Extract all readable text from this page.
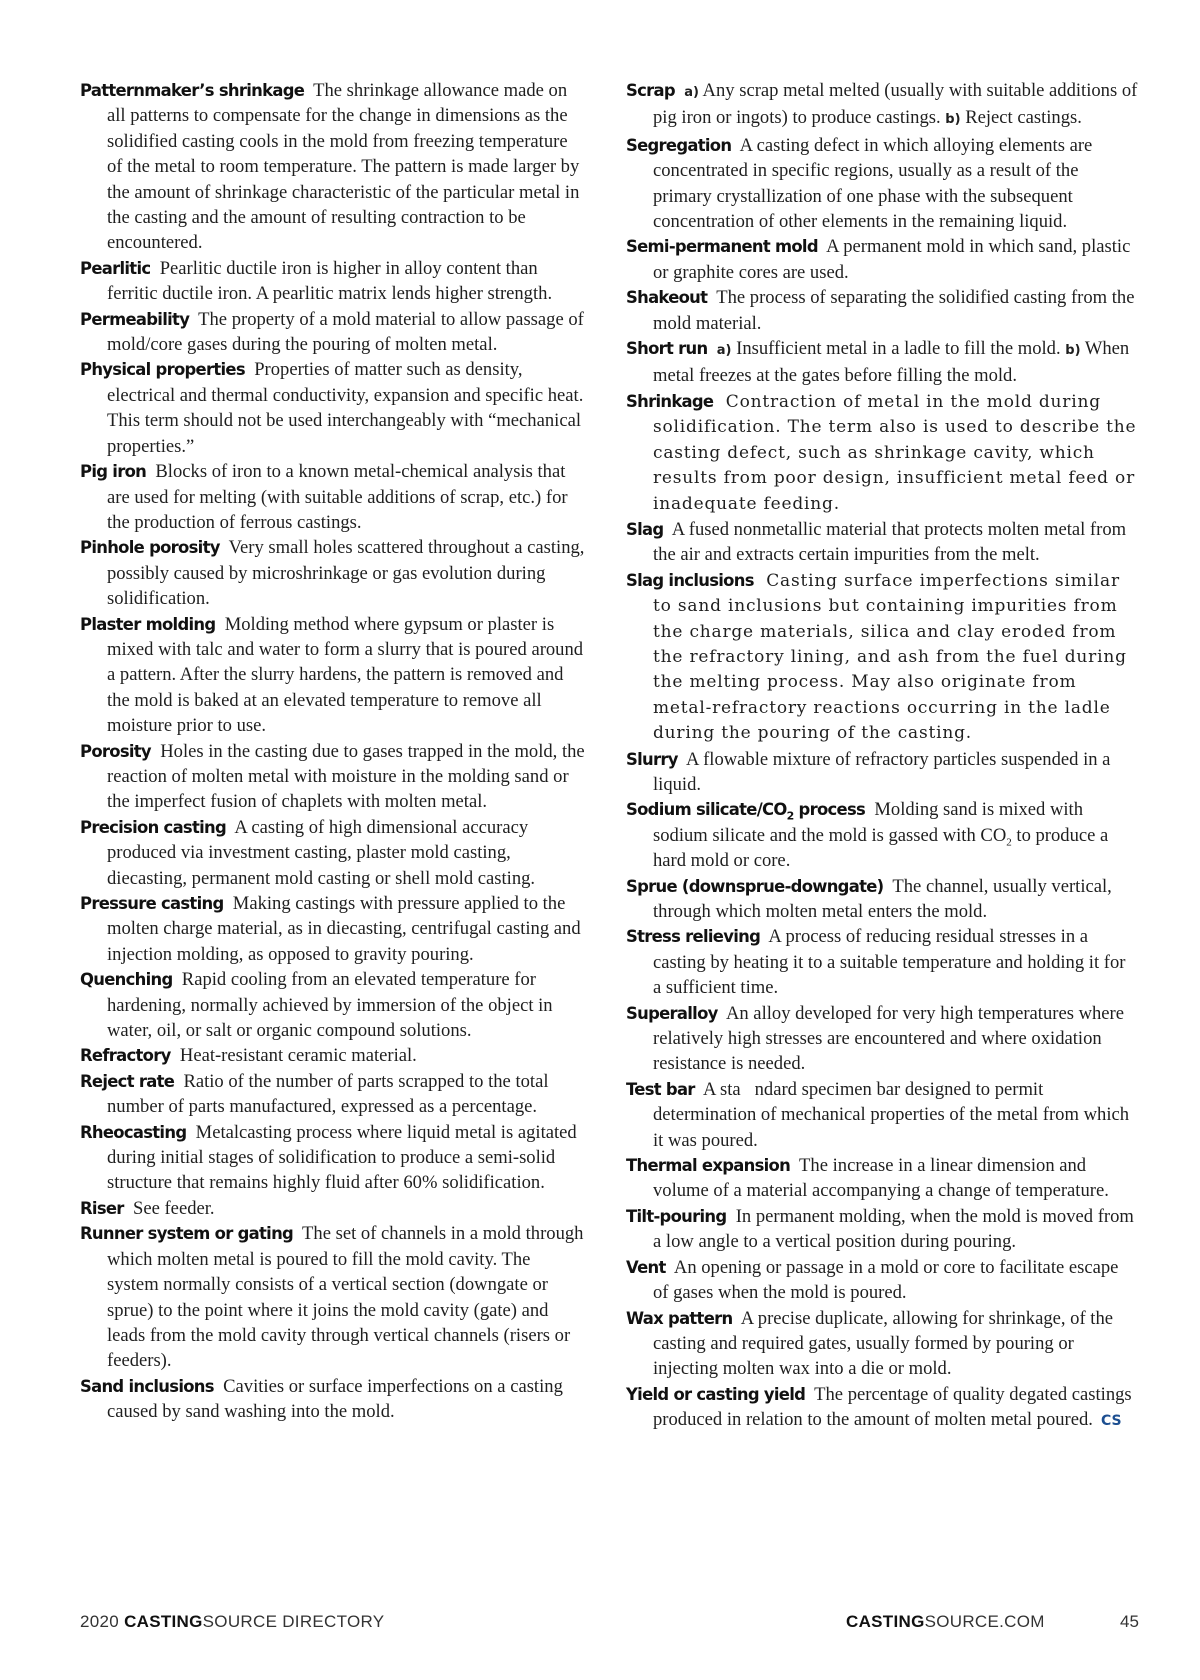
Patternmaker’s shrinkage The shrinkage allowance made on all patterns to compensate for the change in dimensions as the solidified casting cools in the mold from freezing temperature of the metal to room temperature. The pattern is made larger by the amount of shrinkage characteristic of the particular metal in the casting and the amount of resulting contraction to be encountered.

Pearlitic Pearlitic ductile iron is higher in alloy content than ferritic ductile iron. A pearlitic matrix lends higher strength.

Permeability The property of a mold material to allow passage of mold/core gases during the pouring of molten metal.

Physical properties Properties of matter such as density, electrical and thermal conductivity, expansion and specific heat. This term should not be used interchangeably with “mechanical properties.”

Pig iron Blocks of iron to a known metal-chemical analysis that are used for melting (with suitable additions of scrap, etc.) for the production of ferrous castings.

Pinhole porosity Very small holes scattered throughout a casting, possibly caused by microshrinkage or gas evolution during solidification.

Plaster molding Molding method where gypsum or plaster is mixed with talc and water to form a slurry that is poured around a pattern. After the slurry hardens, the pattern is removed and the mold is baked at an elevated temperature to remove all moisture prior to use.

Porosity Holes in the casting due to gases trapped in the mold, the reaction of molten metal with moisture in the molding sand or the imperfect fusion of chaplets with molten metal.

Precision casting A casting of high dimensional accuracy produced via investment casting, plaster mold casting, diecasting, permanent mold casting or shell mold casting.

Pressure casting Making castings with pressure applied to the molten charge material, as in diecasting, centrifugal casting and injection molding, as opposed to gravity pouring.

Quenching Rapid cooling from an elevated temperature for hardening, normally achieved by immersion of the object in water, oil, or salt or organic compound solutions.

Refractory Heat-resistant ceramic material.

Reject rate Ratio of the number of parts scrapped to the total number of parts manufactured, expressed as a percentage.

Rheocasting Metalcasting process where liquid metal is agitated during initial stages of solidification to produce a semi-solid structure that remains highly fluid after 60% solidification.

Riser See feeder.

Runner system or gating The set of channels in a mold through which molten metal is poured to fill the mold cavity. The system normally consists of a vertical section (downgate or sprue) to the point where it joins the mold cavity (gate) and leads from the mold cavity through vertical channels (risers or feeders).

Sand inclusions Cavities or surface imperfections on a casting caused by sand washing into the mold.

Scrap a) Any scrap metal melted (usually with suitable additions of pig iron or ingots) to produce castings. b) Reject castings.

Segregation A casting defect in which alloying elements are concentrated in specific regions, usually as a result of the primary crystallization of one phase with the subsequent concentration of other elements in the remaining liquid.

Semi-permanent mold A permanent mold in which sand, plastic or graphite cores are used.

Shakeout The process of separating the solidified casting from the mold material.

Short run a) Insufficient metal in a ladle to fill the mold. b) When metal freezes at the gates before filling the mold.

Shrinkage Contraction of metal in the mold during solidification. The term also is used to describe the casting defect, such as shrinkage cavity, which results from poor design, insufficient metal feed or inadequate feeding.

Slag A fused nonmetallic material that protects molten metal from the air and extracts certain impurities from the melt.

Slag inclusions Casting surface imperfections similar to sand inclusions but containing impurities from the charge materials, silica and clay eroded from the refractory lining, and ash from the fuel during the melting process. May also originate from metal-refractory reactions occurring in the ladle during the pouring of the casting.

Slurry A flowable mixture of refractory particles suspended in a liquid.

Sodium silicate/$CO_2$ process Molding sand is mixed with sodium silicate and the mold is gassed with $CO_2$ to produce a hard mold or core.

Sprue (downsprue-downgate) The channel, usually vertical, through which molten metal enters the mold.

Stress relieving A process of reducing residual stresses in a casting by heating it to a suitable temperature and holding it for a sufficient time.

Superalloy An alloy developed for very high temperatures where relatively high stresses are encountered and where oxidation resistance is needed.

Test bar A sta   ndard specimen bar designed to permit determination of mechanical properties of the metal from which it was poured.

Thermal expansion The increase in a linear dimension and volume of a material accompanying a change of temperature.

Tilt-pouring In permanent molding, when the mold is moved from a low angle to a vertical position during pouring.

Vent An opening or passage in a mold or core to facilitate escape of gases when the mold is poured.

Wax pattern A precise duplicate, allowing for shrinkage, of the casting and required gates, usually formed by pouring or injecting molten wax into a die or mold.

Yield or casting yield The percentage of quality degated castings produced in relation to the amount of molten metal poured. CS

2020 CASTINGSOURCE DIRECTORY	CASTINGSOURCE.COM	45
